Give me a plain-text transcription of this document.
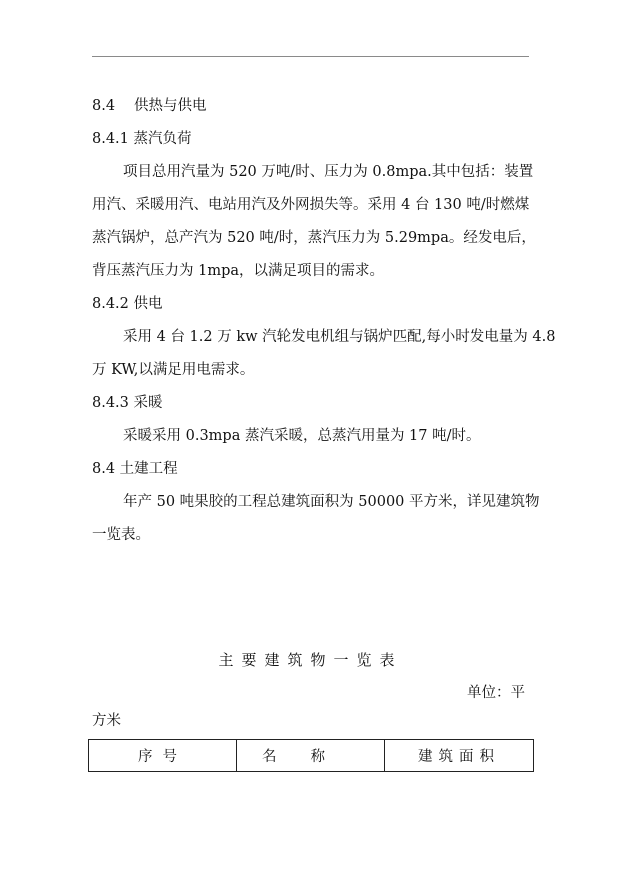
8.4 供热与供电
8.4.1 蒸汽负荷
项目总用汽量为 520 万吨/时、压力为 0.8mpa.其中包括：装置
用汽、采暖用汽、电站用汽及外网损失等。采用 4 台 130 吨/时燃煤
蒸汽锅炉，总产汽为 520 吨/时，蒸汽压力为 5.29mpa。经发电后，
背压蒸汽压力为 1mpa，以满足项目的需求。
8.4.2 供电
采用 4 台 1.2 万 kw 汽轮发电机组与锅炉匹配,每小时发电量为 4.8
万 KW,以满足用电需求。
8.4.3 采暖
采暖采用 0.3mpa 蒸汽采暖，总蒸汽用量为 17 吨/时。
8.4 土建工程
年产 50 吨果胶的工程总建筑面积为 50000 平方米，详见建筑物
一览表。
主要建筑物一览表
单位：平
方米
序号	名称	建筑面积
